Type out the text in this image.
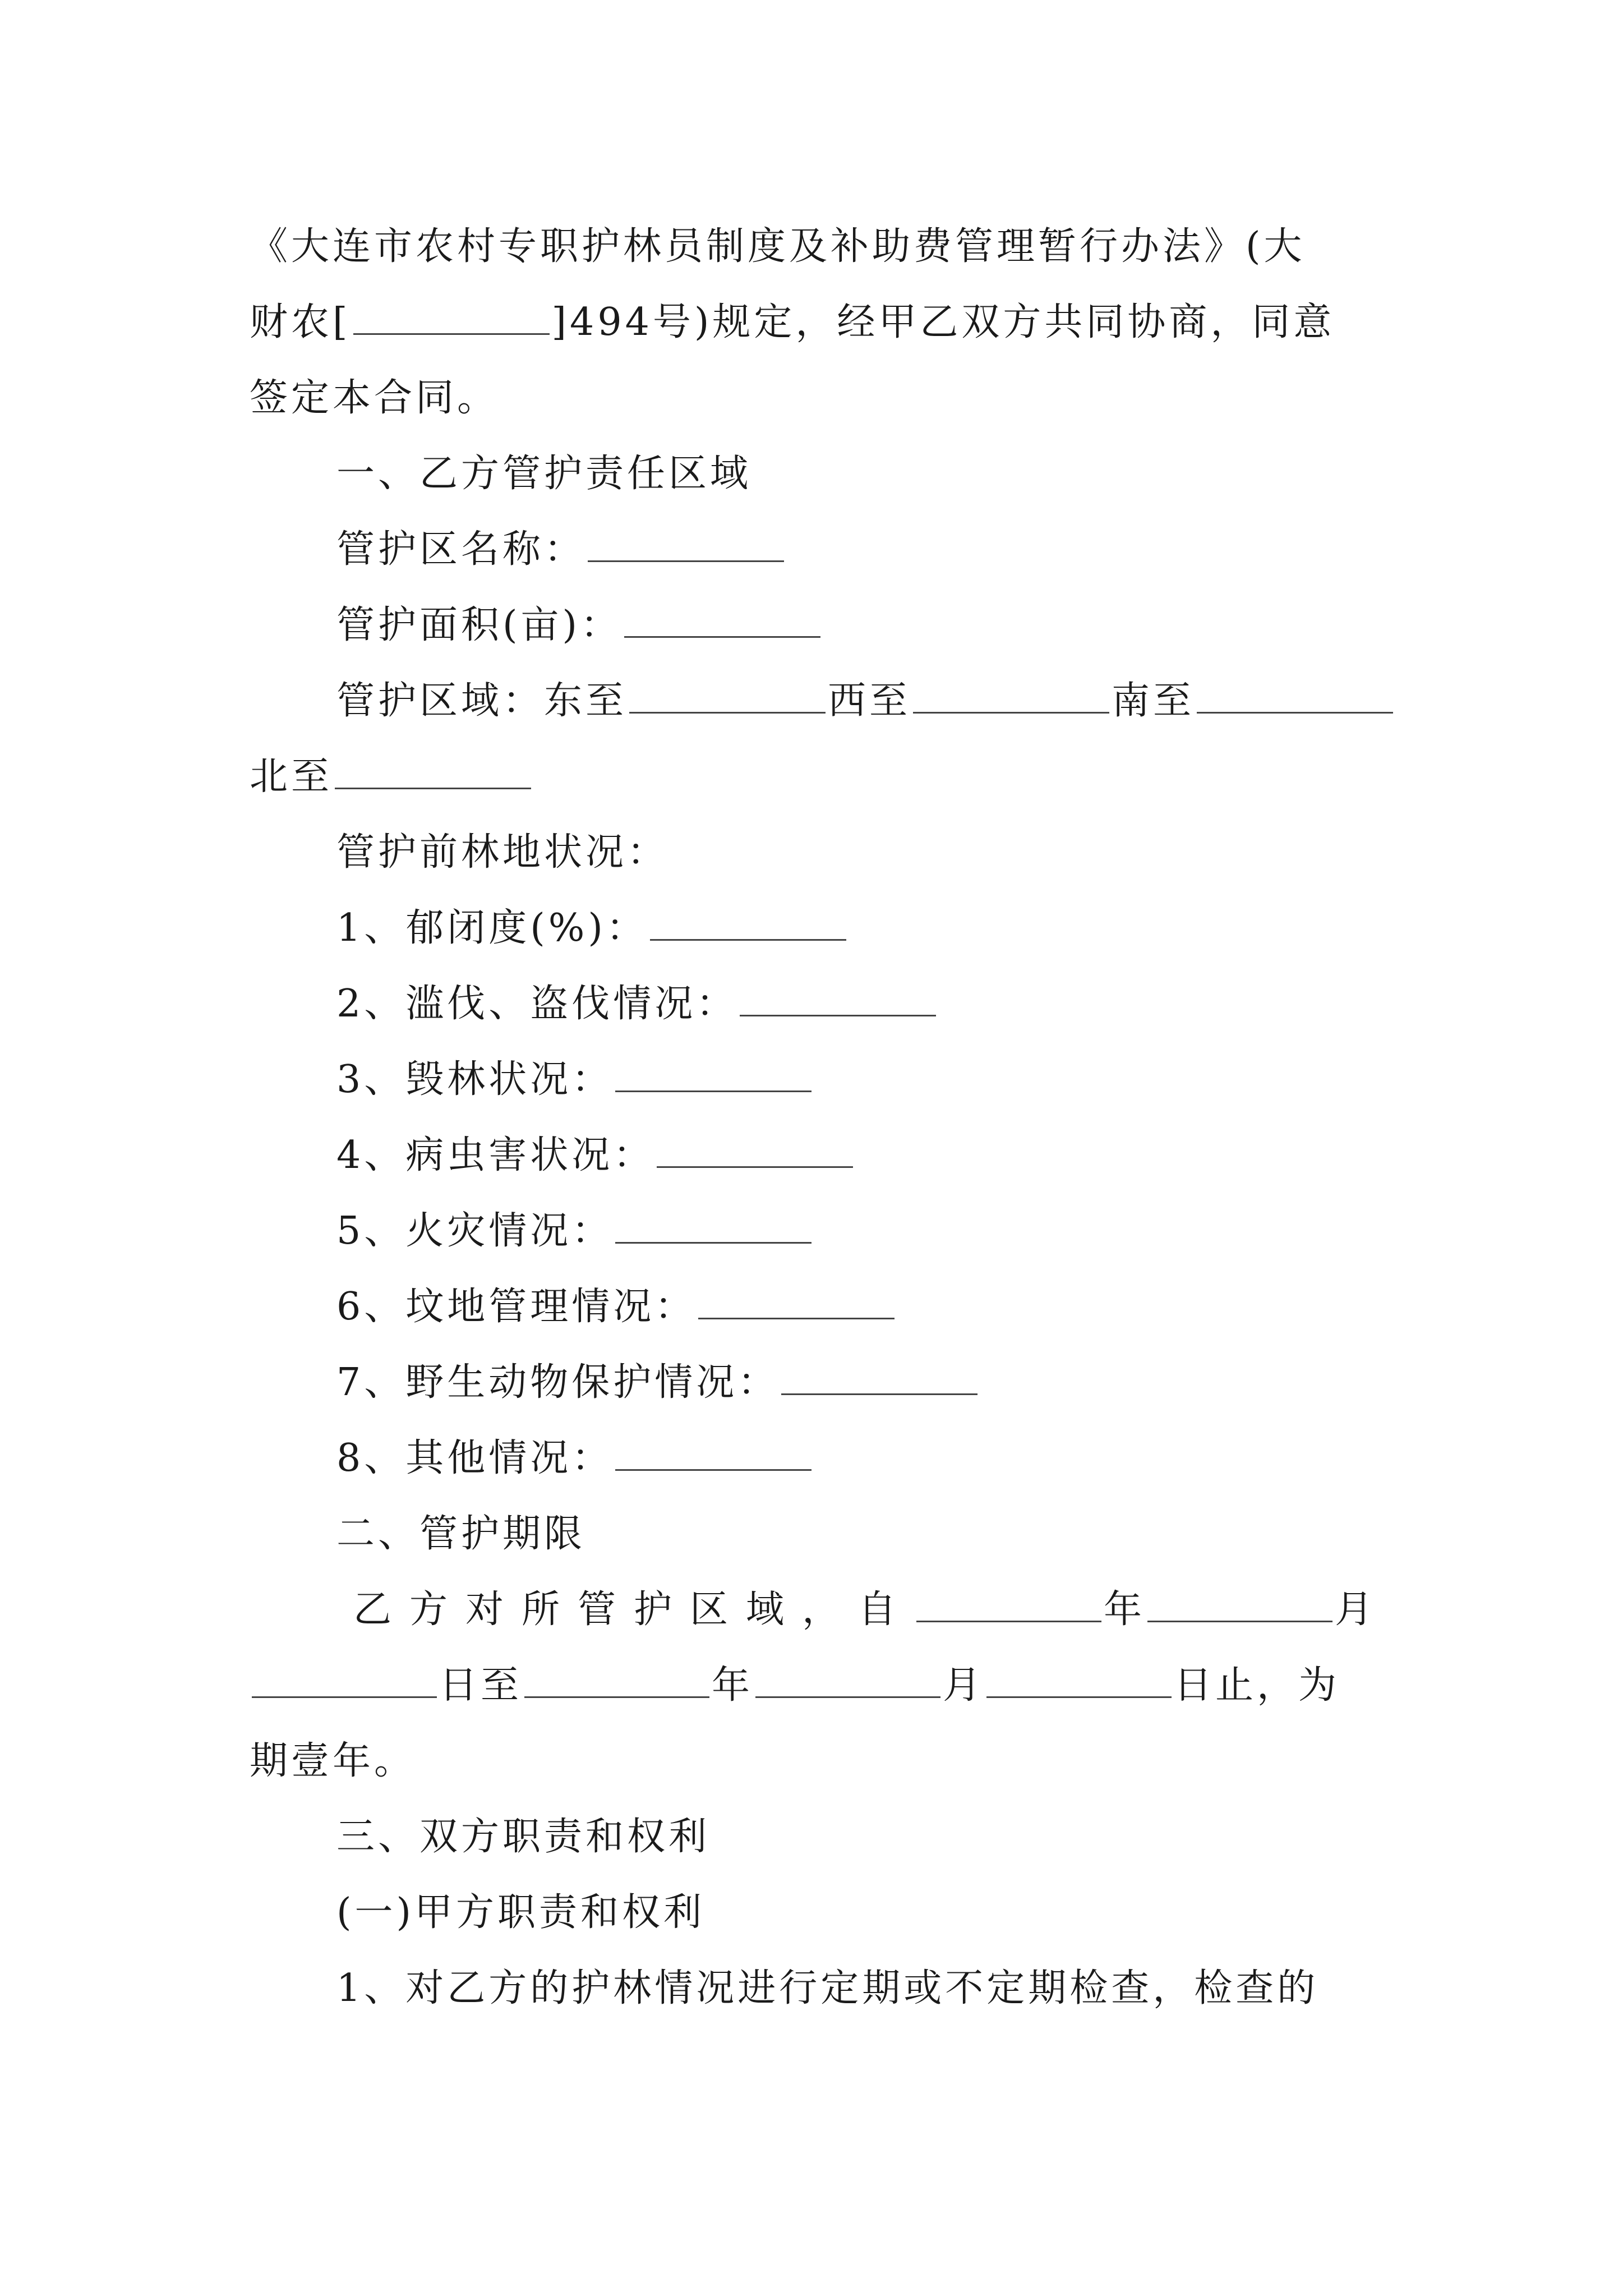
《大连市农村专职护林员制度及补助费管理暂行办法》(大
财农[	]494号)规定，经甲乙双方共同协商，同意
签定本合同。
一、乙方管护责任区域
管护区名称：
管护面积(亩)：
管护区域：东至	西至	南至
北至
管护前林地状况：
1、郁闭度(%)：
2、滥伐、盗伐情况：
3、毁林状况：
4、病虫害状况：
5、火灾情况：
6、坟地管理情况：
7、野生动物保护情况：
8、其他情况：
二、管护期限
乙方对所管护区域，自	年	月
日至	年	月	日止，为
期壹年。
三、双方职责和权利
(一)甲方职责和权利
1、对乙方的护林情况进行定期或不定期检查，检查的
